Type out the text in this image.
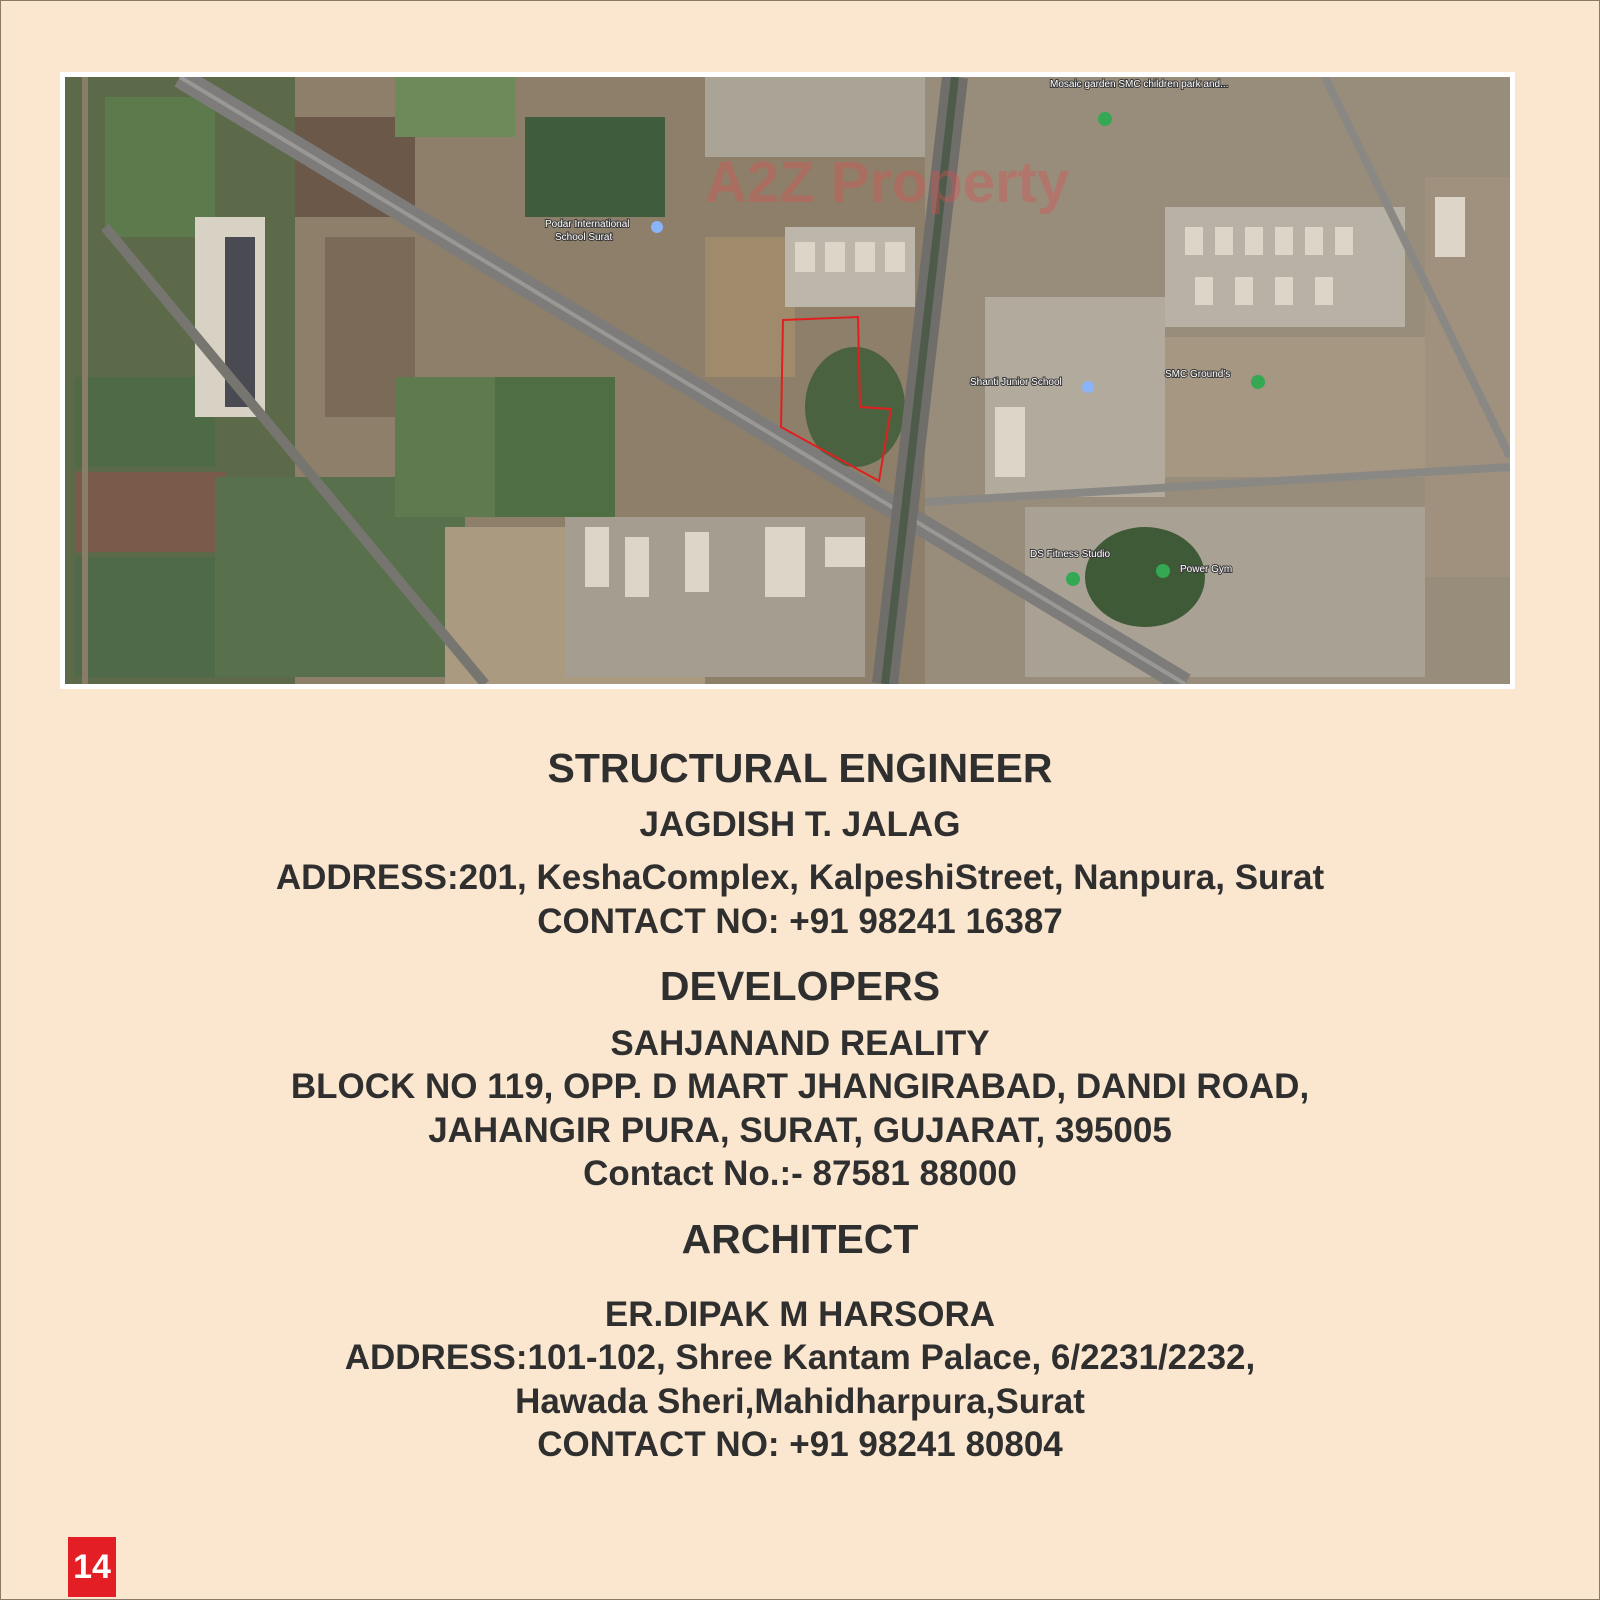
Mosaic garden SMC children park and...
Podar International
School Surat
Shanti Junior School
SMC Ground's
DS Fitness Studio
Power Gym
A2Z Property

STRUCTURAL ENGINEER

JAGDISH T. JALAG

ADDRESS:201, KeshaComplex, KalpeshiStreet, Nanpura, Surat

CONTACT NO: +91 98241 16387

DEVELOPERS

SAHJANAND REALITY

BLOCK NO 119, OPP. D MART JHANGIRABAD, DANDI ROAD,

JAHANGIR PURA, SURAT, GUJARAT, 395005

Contact No.:- 87581 88000

ARCHITECT

ER.DIPAK M HARSORA

ADDRESS:101-102, Shree Kantam Palace, 6/2231/2232,

Hawada Sheri,Mahidharpura,Surat

CONTACT NO: +91 98241 80804

14
